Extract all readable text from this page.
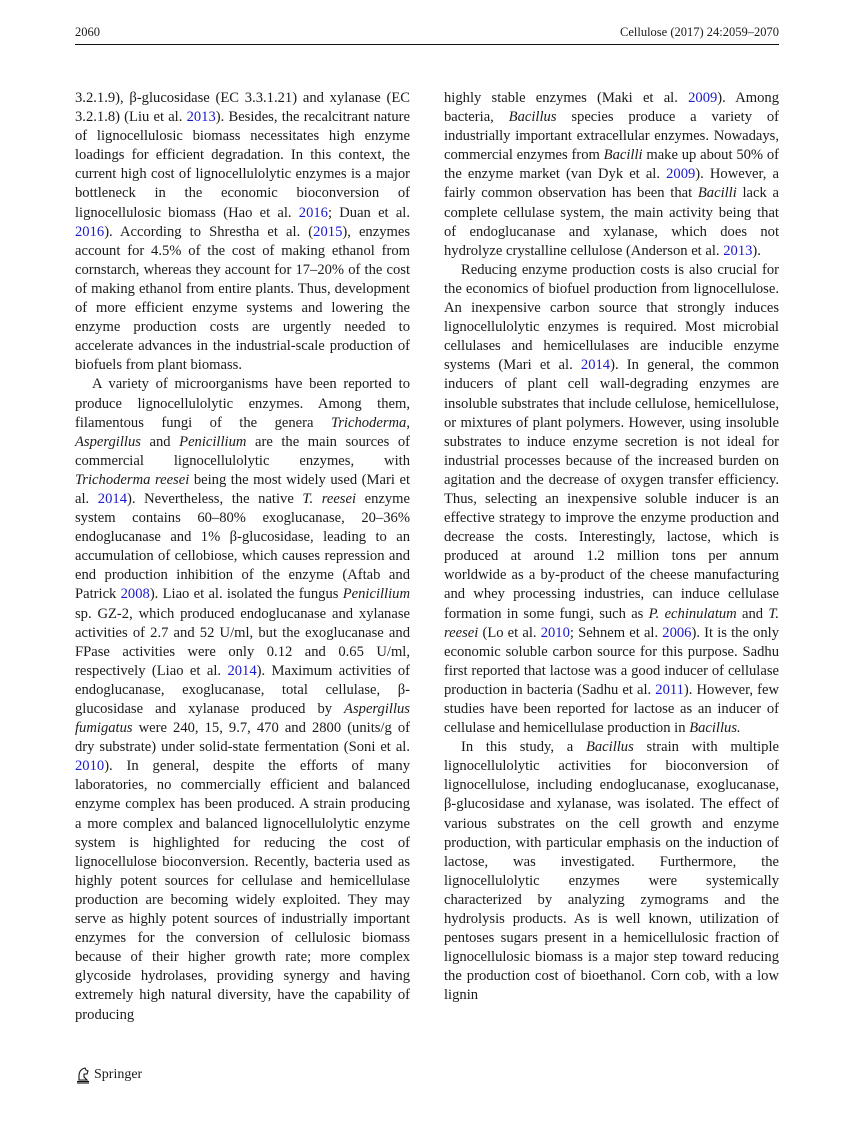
2060	Cellulose (2017) 24:2059–2070

3.2.1.9), β-glucosidase (EC 3.3.1.21) and xylanase (EC 3.2.1.8) (Liu et al. 2013). Besides, the recalcitrant nature of lignocellulosic biomass necessitates high enzyme loadings for efficient degradation. In this context, the current high cost of lignocellulolytic enzymes is a major bottleneck in the economic bioconversion of lignocellulosic biomass (Hao et al. 2016; Duan et al. 2016). According to Shrestha et al. (2015), enzymes account for 4.5% of the cost of making ethanol from cornstarch, whereas they account for 17–20% of the cost of making ethanol from entire plants. Thus, development of more efficient enzyme systems and lowering the enzyme production costs are urgently needed to accelerate advances in the industrial-scale production of biofuels from plant biomass.

A variety of microorganisms have been reported to produce lignocellulolytic enzymes. Among them, filamentous fungi of the genera Trichoderma, Aspergillus and Penicillium are the main sources of commercial lignocellulolytic enzymes, with Trichoderma reesei being the most widely used (Mari et al. 2014). Nevertheless, the native T. reesei enzyme system contains 60–80% exoglucanase, 20–36% endoglucanase and 1% β-glucosidase, leading to an accumulation of cellobiose, which causes repression and end production inhibition of the enzyme (Aftab and Patrick 2008). Liao et al. isolated the fungus Penicillium sp. GZ-2, which produced endoglucanase and xylanase activities of 2.7 and 52 U/ml, but the exoglucanase and FPase activities were only 0.12 and 0.65 U/ml, respectively (Liao et al. 2014). Maximum activities of endoglucanase, exoglucanase, total cellulase, β-glucosidase and xylanase produced by Aspergillus fumigatus were 240, 15, 9.7, 470 and 2800 (units/g of dry substrate) under solid-state fermentation (Soni et al. 2010). In general, despite the efforts of many laboratories, no commercially efficient and balanced enzyme complex has been produced. A strain producing a more complex and balanced lignocellulolytic enzyme system is highlighted for reducing the cost of lignocellulose bioconversion. Recently, bacteria used as highly potent sources for cellulase and hemicellulase production are becoming widely exploited. They may serve as highly potent sources of industrially important enzymes for the conversion of cellulosic biomass because of their higher growth rate; more complex glycoside hydrolases, providing synergy and having extremely high natural diversity, have the capability of producing

highly stable enzymes (Maki et al. 2009). Among bacteria, Bacillus species produce a variety of industrially important extracellular enzymes. Nowadays, commercial enzymes from Bacilli make up about 50% of the enzyme market (van Dyk et al. 2009). However, a fairly common observation has been that Bacilli lack a complete cellulase system, the main activity being that of endoglucanase and xylanase, which does not hydrolyze crystalline cellulose (Anderson et al. 2013).

Reducing enzyme production costs is also crucial for the economics of biofuel production from lignocellulose. An inexpensive carbon source that strongly induces lignocellulolytic enzymes is required. Most microbial cellulases and hemicellulases are inducible enzyme systems (Mari et al. 2014). In general, the common inducers of plant cell wall-degrading enzymes are insoluble substrates that include cellulose, hemicellulose, or mixtures of plant polymers. However, using insoluble substrates to induce enzyme secretion is not ideal for industrial processes because of the increased burden on agitation and the decrease of oxygen transfer efficiency. Thus, selecting an inexpensive soluble inducer is an effective strategy to improve the enzyme production and decrease the costs. Interestingly, lactose, which is produced at around 1.2 million tons per annum worldwide as a by-product of the cheese manufacturing and whey processing industries, can induce cellulase formation in some fungi, such as P. echinulatum and T. reesei (Lo et al. 2010; Sehnem et al. 2006). It is the only economic soluble carbon source for this purpose. Sadhu first reported that lactose was a good inducer of cellulase production in bacteria (Sadhu et al. 2011). However, few studies have been reported for lactose as an inducer of cellulase and hemicellulase production in Bacillus.

In this study, a Bacillus strain with multiple lignocellulolytic activities for bioconversion of lignocellulose, including endoglucanase, exoglucanase, β-glucosidase and xylanase, was isolated. The effect of various substrates on the cell growth and enzyme production, with particular emphasis on the induction of lactose, was investigated. Furthermore, the lignocellulolytic enzymes were systemically characterized by analyzing zymograms and the hydrolysis products. As is well known, utilization of pentoses sugars present in a hemicellulosic fraction of lignocellulosic biomass is a major step toward reducing the production cost of bioethanol. Corn cob, with a low lignin

Springer
